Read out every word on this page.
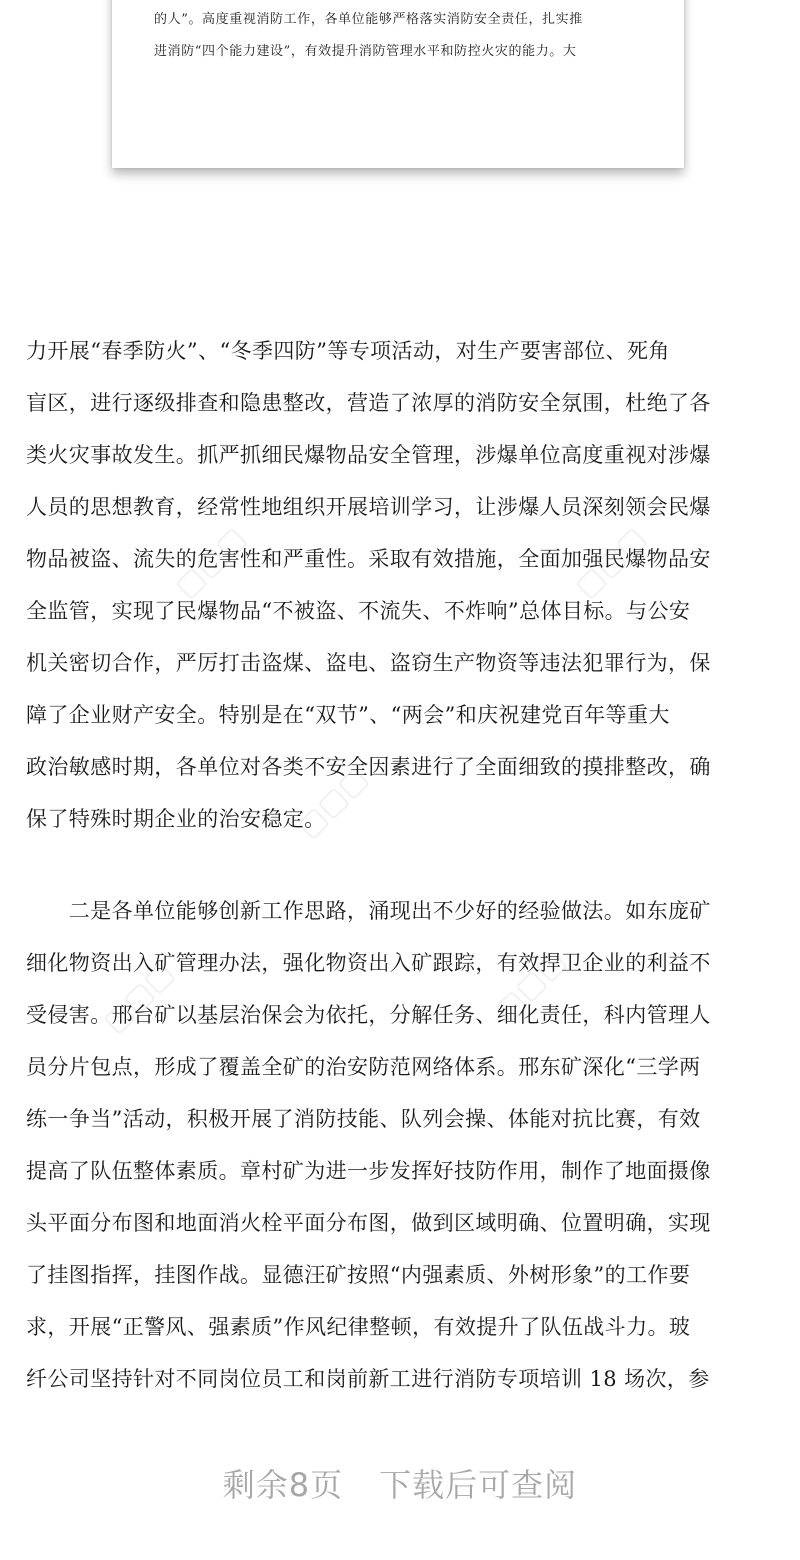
的人”。高度重视消防工作，各单位能够严格落实消防安全责任，扎实推
进消防“四个能力建设”，有效提升消防管理水平和防控火灾的能力。大
▢▢▢	▢▢▢
▢▢▢
▢▢▢	▢▢▢
力开展“春季防火”、“冬季四防”等专项活动，对生产要害部位、死角
盲区，进行逐级排查和隐患整改，营造了浓厚的消防安全氛围，杜绝了各
类火灾事故发生。抓严抓细民爆物品安全管理，涉爆单位高度重视对涉爆
人员的思想教育，经常性地组织开展培训学习，让涉爆人员深刻领会民爆
物品被盗、流失的危害性和严重性。采取有效措施，全面加强民爆物品安
全监管，实现了民爆物品“不被盗、不流失、不炸响”总体目标。与公安
机关密切合作，严厉打击盗煤、盗电、盗窃生产物资等违法犯罪行为，保
障了企业财产安全。特别是在“双节”、“两会”和庆祝建党百年等重大
政治敏感时期，各单位对各类不安全因素进行了全面细致的摸排整改，确
保了特殊时期企业的治安稳定。
　　二是各单位能够创新工作思路，涌现出不少好的经验做法。如东庞矿
细化物资出入矿管理办法，强化物资出入矿跟踪，有效捍卫企业的利益不
受侵害。邢台矿以基层治保会为依托，分解任务、细化责任，科内管理人
员分片包点，形成了覆盖全矿的治安防范网络体系。邢东矿深化“三学两
练一争当”活动，积极开展了消防技能、队列会操、体能对抗比赛，有效
提高了队伍整体素质。章村矿为进一步发挥好技防作用，制作了地面摄像
头平面分布图和地面消火栓平面分布图，做到区域明确、位置明确，实现
了挂图指挥，挂图作战。显德汪矿按照“内强素质、外树形象”的工作要
求，开展“正警风、强素质”作风纪律整顿，有效提升了队伍战斗力。玻
纤公司坚持针对不同岗位员工和岗前新工进行消防专项培训 18 场次，参
剩余8页 下载后可查阅
